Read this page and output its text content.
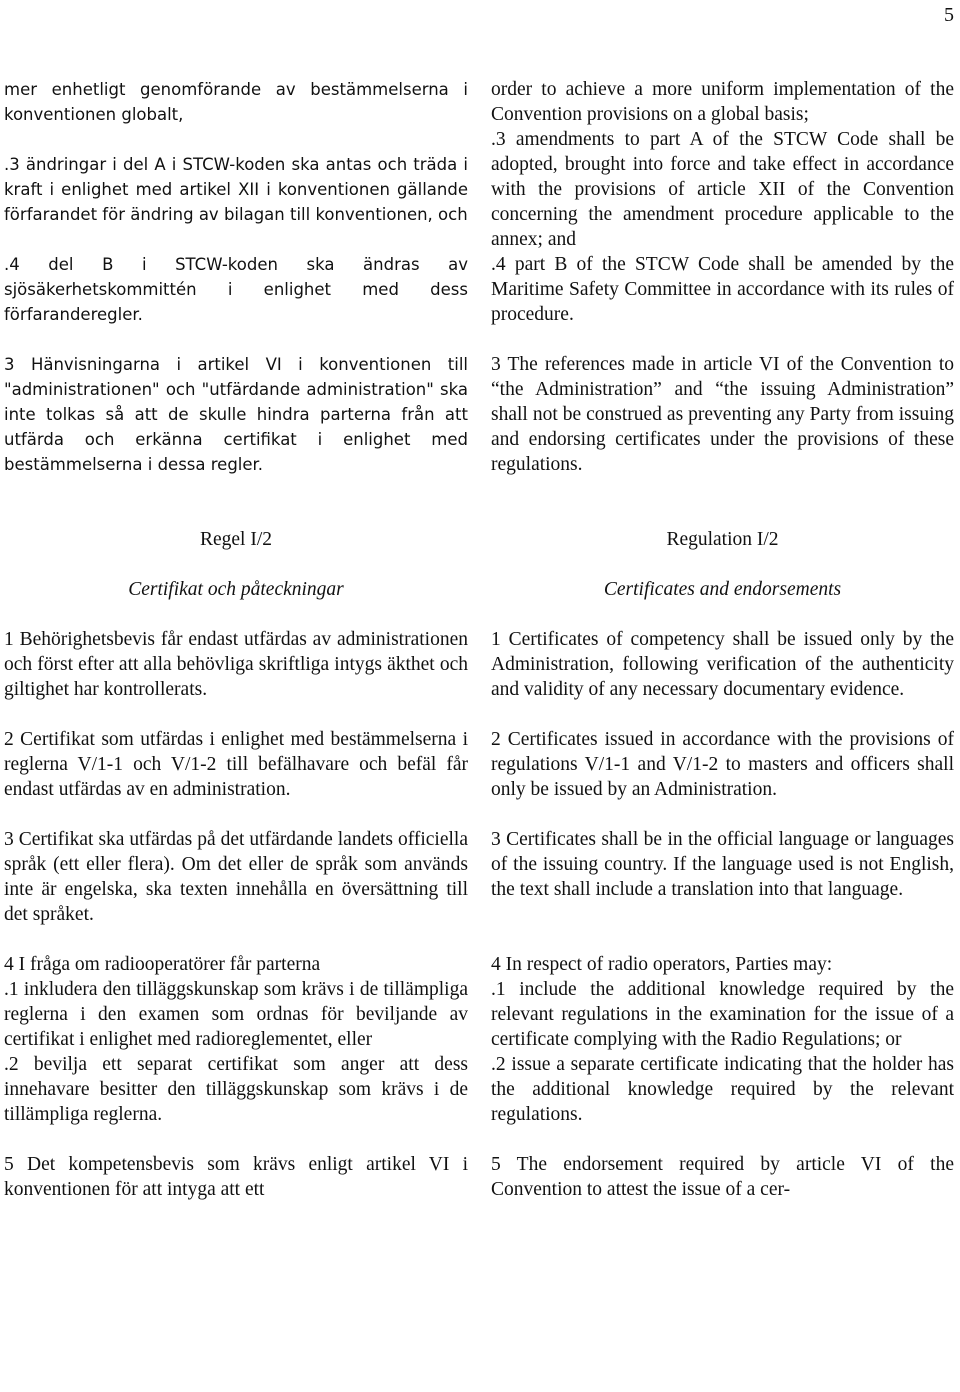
5

mer enhetligt genomförande av bestämmelserna i konventionen globalt,

.3 ändringar i del A i STCW-koden ska antas och träda i kraft i enlighet med artikel XII i konventionen gällande förfarandet för ändring av bilagan till konventionen, och

.4 del B i STCW-koden ska ändras av sjösäkerhetskommittén i enlighet med dess förfaranderegler.

3 Hänvisningarna i artikel VI i konventionen till "administrationen" och "utfärdande administration" ska inte tolkas så att de skulle hindra parterna från att utfärda och erkänna certifikat i enlighet med bestämmelserna i dessa regler.

Regel I/2

Certifikat och påteckningar

1 Behörighetsbevis får endast utfärdas av administrationen och först efter att alla behövliga skriftliga intygs äkthet och giltighet har kontrollerats.

2 Certifikat som utfärdas i enlighet med bestämmelserna i reglerna V/1-1 och V/1-2 till befälhavare och befäl får endast utfärdas av en administration.

3 Certifikat ska utfärdas på det utfärdande landets officiella språk (ett eller flera). Om det eller de språk som används inte är engelska, ska texten innehålla en översättning till det språket.

4 I fråga om radiooperatörer får parterna

.1 inkludera den tilläggskunskap som krävs i de tillämpliga reglerna i den examen som ordnas för beviljande av certifikat i enlighet med radioreglementet, eller

.2 bevilja ett separat certifikat som anger att dess innehavare besitter den tilläggskunskap som krävs i de tillämpliga reglerna.

5 Det kompetensbevis som krävs enligt artikel VI i konventionen för att intyga att ett

order to achieve a more uniform implementation of the Convention provisions on a global basis;

.3 amendments to part A of the STCW Code shall be adopted, brought into force and take effect in accordance with the provisions of article XII of the Convention concerning the amendment procedure applicable to the annex; and

.4 part B of the STCW Code shall be amended by the Maritime Safety Committee in accordance with its rules of procedure.

3 The references made in article VI of the Convention to “the Administration” and “the issuing Administration” shall not be construed as preventing any Party from issuing and endorsing certificates under the provisions of these regulations.

Regulation I/2

Certificates and endorsements

1 Certificates of competency shall be issued only by the Administration, following verification of the authenticity and validity of any necessary documentary evidence.

2 Certificates issued in accordance with the provisions of regulations V/1-1 and V/1-2 to masters and officers shall only be issued by an Administration.

3 Certificates shall be in the official language or languages of the issuing country. If the language used is not English, the text shall include a translation into that language.

4 In respect of radio operators, Parties may:

.1 include the additional knowledge required by the relevant regulations in the examination for the issue of a certificate complying with the Radio Regulations; or

.2 issue a separate certificate indicating that the holder has the additional knowledge required by the relevant regulations.

5 The endorsement required by article VI of the Convention to attest the issue of a cer-
